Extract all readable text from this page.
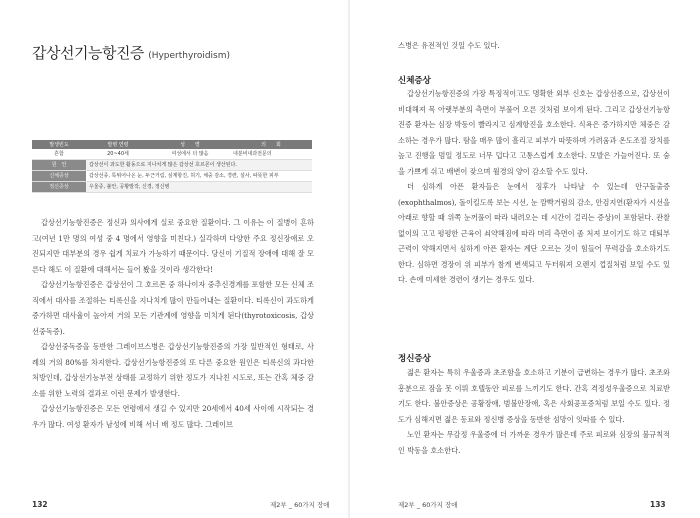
갑상선기능항진증 (Hyperthyroidism)
발생빈도	발병 연령	성　　별	의　　회
흔함	20~40세	여성에서 더 많음	내분비내과전문의
원　인	갑상선이 과도한 활동으로 지나치게 많은 갑상선 호르몬이 생산된다.		
신체증상	갑상선종, 툭튀어나온 눈, 두근거림, 심계항진, 허기, 체중 감소, 경련, 설사, 따뜻한 피부		
정신증상	우울증, 불안, 공황발작, 신경, 정신병		

갑상선기능항진증은 정신과 의사에게 실로 중요한 질환이다. 그 이유는 이 질병이 흔하고(여년 1만 명의 여성 중 4 명에서 영향을 미친다.) 실각하며 다양한 주요 정신장애로 오진되지만 대부분의 경우 쉽게 치료가 가능하기 때문이다. 당신이 기질적 장애에 대해 잘 모른다 해도 이 질환에 대해서는 들어 봤을 것이라 생각한다!

갑상선기능항진증은 갑상선이 그 호르몬 중 하나이자 중추신경계를 포함한 모든 신체 조직에서 대사를 조절하는 티록신을 지나치게 많이 만들어내는 질환이다. 티록신이 과도하게 증가하면 대사율이 높아져 거의 모든 기관계에 영향을 미치게 된다(thyrotoxicosis, 갑상선중독증).

갑상선중독증을 동반한 그레이브스병은 갑상선기능항진증의 가장 일반적인 형태로, 사례의 거의 80%를 차지한다. 갑상선기능항진증의 또 다른 중요한 원인은 티록신의 과다한 처방인데, 갑상선기능부전 상태를 교정하기 위한 정도가 지나친 시도로, 또는 간혹 체중 감소를 위한 노력의 결과로 이런 문제가 발생한다.

갑상선기능항진증은 모든 연령에서 생길 수 있지만 20세에서 40세 사이에 시작되는 경우가 많다. 여성 환자가 남성에 비해 서너 배 정도 많다. 그레이브

132	제2부 _ 60가지 장애

스병은 유전적인 것일 수도 있다.

신체증상

갑상선기능항진증의 가장 특징적이고도 명확한 외부 신호는 갑상선종으로, 갑상선이 비대해져 목 아랫부분의 측면이 부풀어 오른 것처럼 보이게 된다. 그리고 갑상선기능항진증 환자는 심장 박동이 빨라지고 심계항진을 호소한다. 식욕은 증가하지만 체중은 감소하는 경우가 많다. 땀을 매우 많이 흘리고 피부가 따뜻하며 가려움과 온도조절 장치를 높고 진행을 멈일 정도로 너무 덥다고 고통스럽게 호소한다. 모발은 가늘어진다. 또 숨을 가쁘게 쉬고 배변이 잦으며 월경의 양이 감소할 수도 있다.

더 심하게 아픈 환자들은 눈에서 징후가 나타날 수 있는데 안구돌출증(exophthalmos), 돌이킬도록 보는 시선, 눈 깜빡거림의 감소, 안검지연(환자가 시선을 아래로 향할 때 위쪽 눈꺼풀이 따라 내려오는 데 시간이 걸리는 증상)이 포함된다. 관찰없이의 고고 평평한 근육이 쇠약해짐에 따라 머리 측면이 좀 처져 보이기도 하고 대퇴부 근력이 약해지면서 심하게 아픈 환자는 계단 오르는 것이 힘들어 무력감을 호소하기도 한다. 심하면 경장이 위 피부가 참게 변색되고 두터워져 오렌지 껍질처럼 보일 수도 있다. 손에 미세한 경련이 생기는 경우도 있다.

정신증상

젊은 환자는 특히 우울증과 초조함을 호소하고 기분이 급변하는 경우가 많다. 초조와 흥분으로 잠을 못 이뤄 호텔동안 피로를 느끼기도 한다. 간혹 격정성우울증으로 치료받기도 한다. 불안증상은 공황장애, 범불안장애, 혹은 사회공포증처럼 보일 수도 있다. 정도가 심해지면 젊은 동료와 정신병 증상을 동반한 섬망이 잇따를 수 있다.

노인 환자는 무감정 우울증에 더 가까운 경우가 많은데 주로 피로와 심장의 불규칙적인 박동을 호소한다.

제2부 _ 60가지 장애	133
